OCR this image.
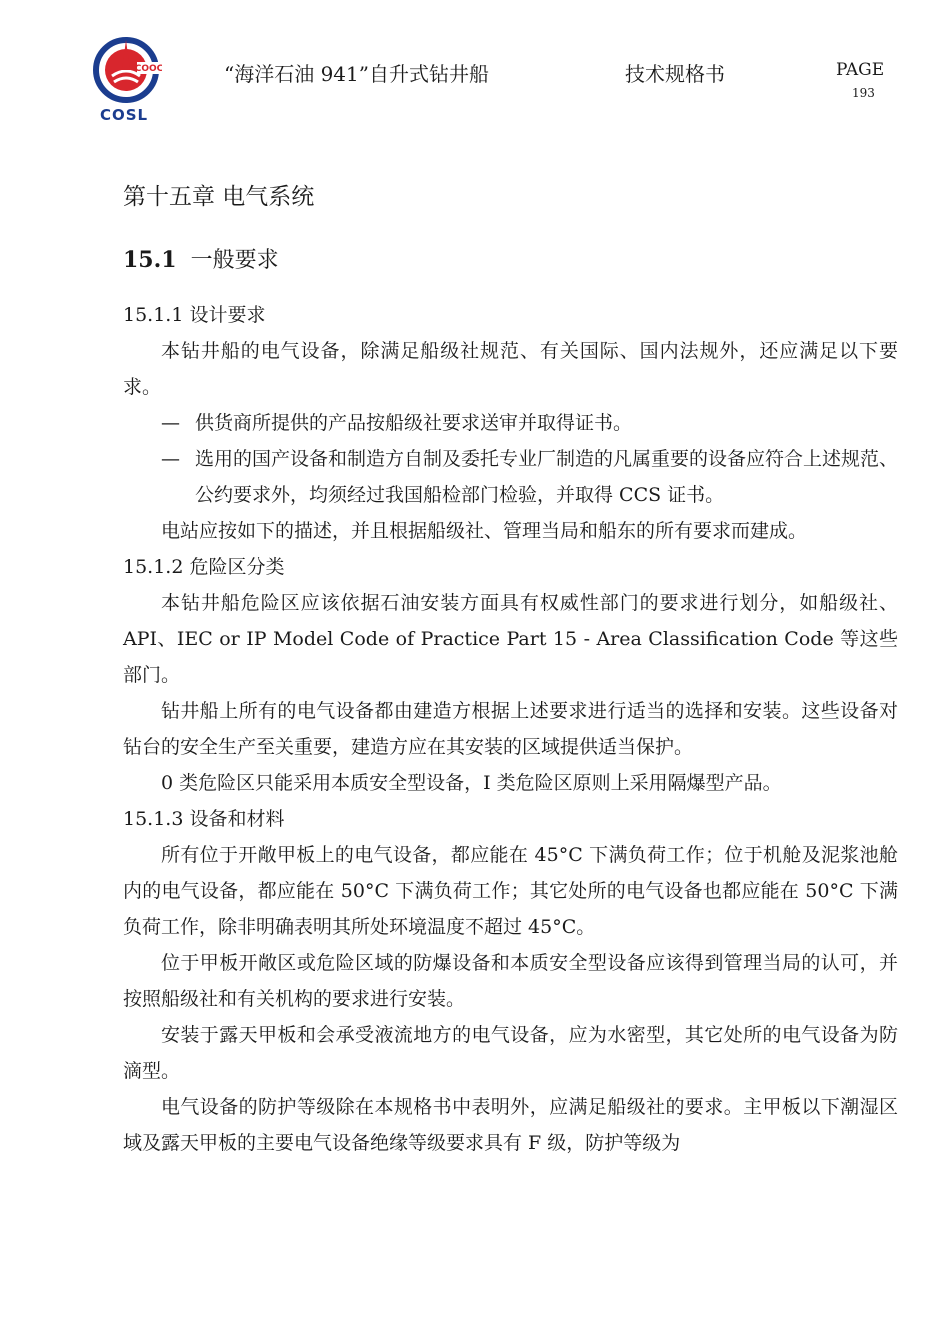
COOC
COSL
“海洋石油 941”自升式钻井船	技术规格书	PAGE
193
第十五章 电气系统
15.1 一般要求

15.1.1 设计要求

本钻井船的电气设备，除满足船级社规范、有关国际、国内法规外，还应满足以下要求。

— 供货商所提供的产品按船级社要求送审并取得证书。

— 选用的国产设备和制造方自制及委托专业厂制造的凡属重要的设备应符合上述规范、公约要求外，均须经过我国船检部门检验，并取得 CCS 证书。

电站应按如下的描述，并且根据船级社、管理当局和船东的所有要求而建成。

15.1.2 危险区分类

本钻井船危险区应该依据石油安装方面具有权威性部门的要求进行划分，如船级社、API、IEC or IP Model Code of Practice Part 15 - Area Classification Code 等这些部门。

钻井船上所有的电气设备都由建造方根据上述要求进行适当的选择和安装。这些设备对钻台的安全生产至关重要，建造方应在其安装的区域提供适当保护。

0 类危险区只能采用本质安全型设备，I 类危险区原则上采用隔爆型产品。

15.1.3 设备和材料

所有位于开敞甲板上的电气设备，都应能在 45°C 下满负荷工作；位于机舱及泥浆池舱内的电气设备，都应能在 50°C 下满负荷工作；其它处所的电气设备也都应能在 50°C 下满负荷工作，除非明确表明其所处环境温度不超过 45°C。

位于甲板开敞区或危险区域的防爆设备和本质安全型设备应该得到管理当局的认可，并按照船级社和有关机构的要求进行安装。

安装于露天甲板和会承受液流地方的电气设备，应为水密型，其它处所的电气设备为防滴型。

电气设备的防护等级除在本规格书中表明外，应满足船级社的要求。主甲板以下潮湿区域及露天甲板的主要电气设备绝缘等级要求具有 F 级，防护等级为
